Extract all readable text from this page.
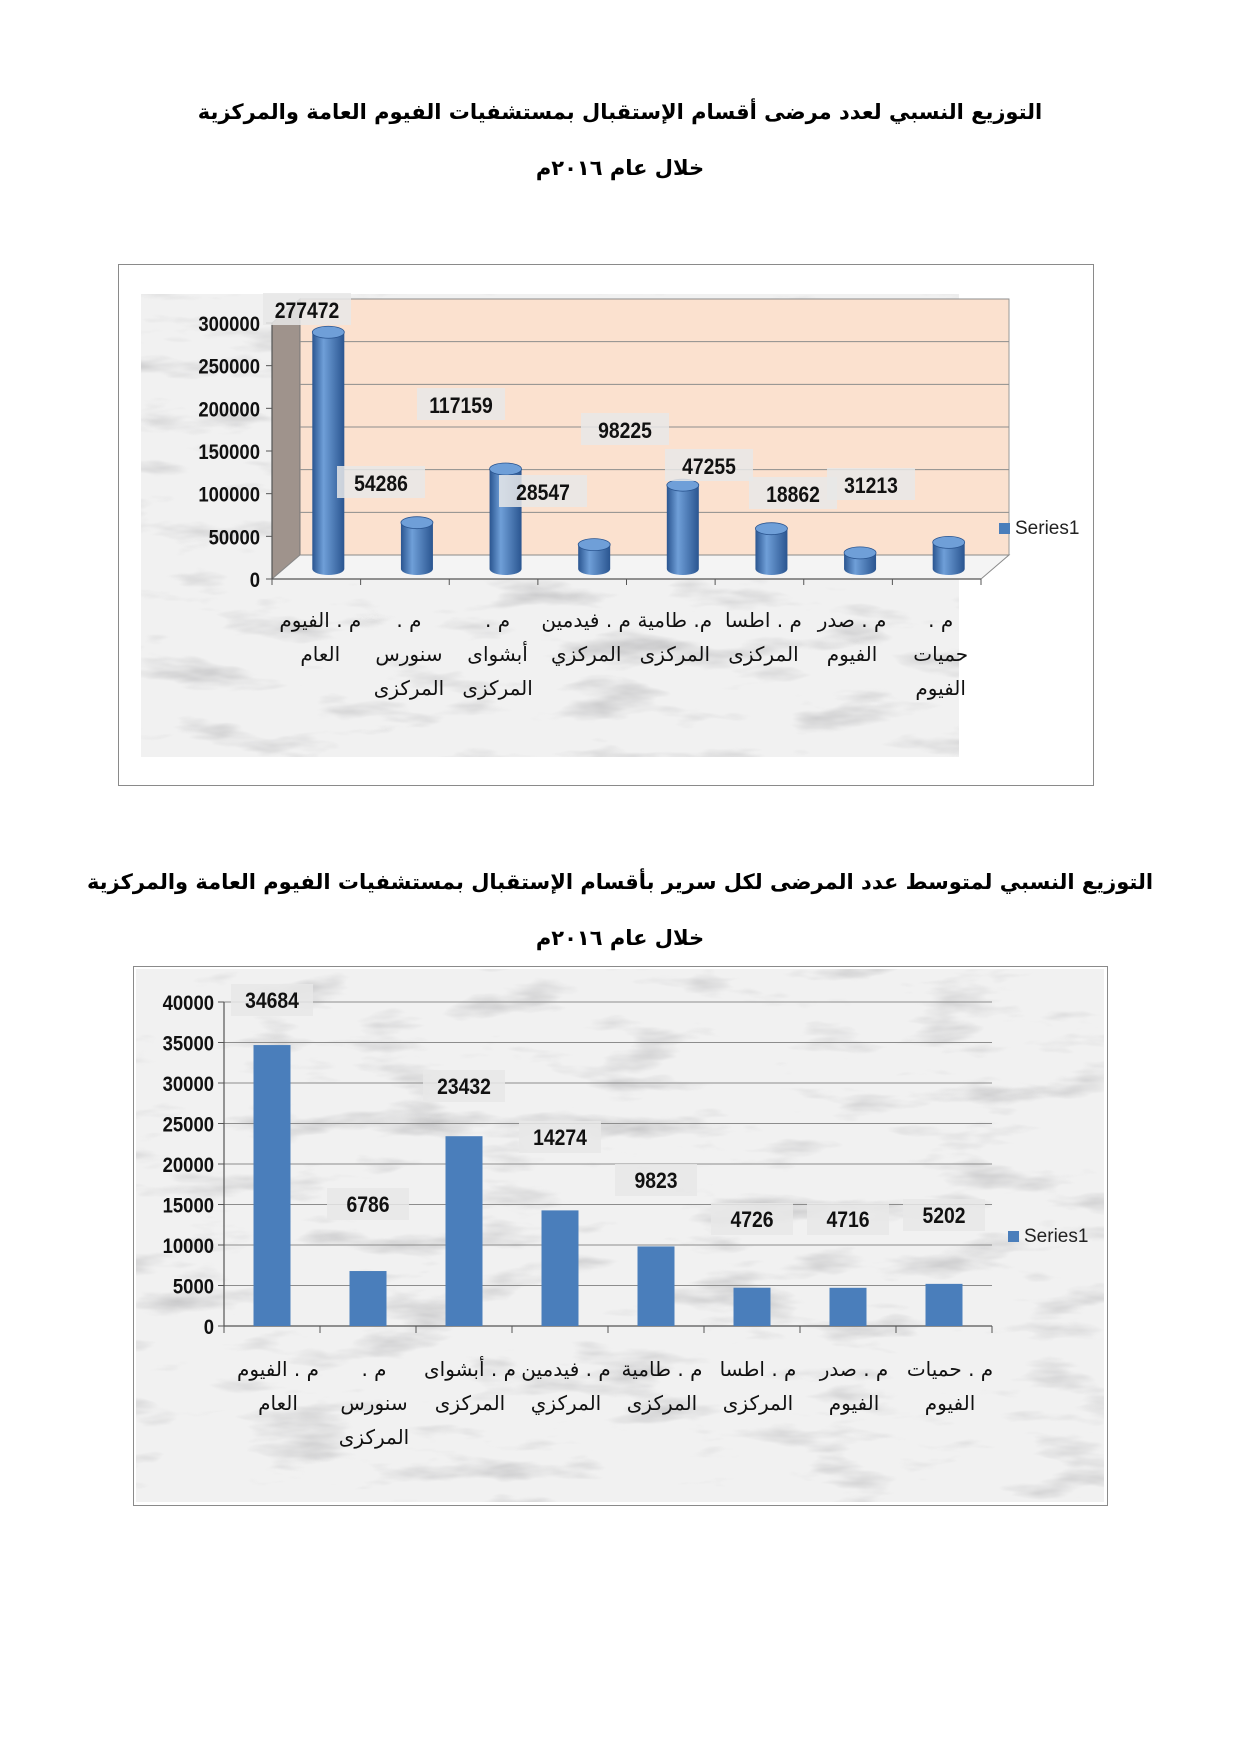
التوزيع النسبي لعدد مرضى أقسام الإستقبال بمستشفيات الفيوم العامة والمركزية

خلال عام ٢٠١٦م

0
50000
100000
150000
200000
250000
300000
277472
54286
117159
28547
98225
47255
18862 31213
م . الفيوم
العام
م .
سنورس
المركزى
م .
أبشواى
المركزى
م . فيدمين
المركزي
م. طامية
المركزى
م . اطسا
المركزى
م . صدر
الفيوم
م .
حميات
الفيوم
Series1

التوزيع النسبي لمتوسط عدد المرضى لكل سرير بأقسام الإستقبال بمستشفيات الفيوم العامة والمركزية

خلال عام ٢٠١٦م

0
5000
10000
15000
20000
25000
30000
35000
40000 34684
6786
23432
14274
9823
4726 4716 5202
م . الفيوم
العام
م .
سنورس
المركزى
م . أبشواى
المركزى
م . فيدمين
المركزي
م . طامية
المركزى
م . اطسا
المركزى
م . صدر
الفيوم
م . حميات
الفيوم
Series1
